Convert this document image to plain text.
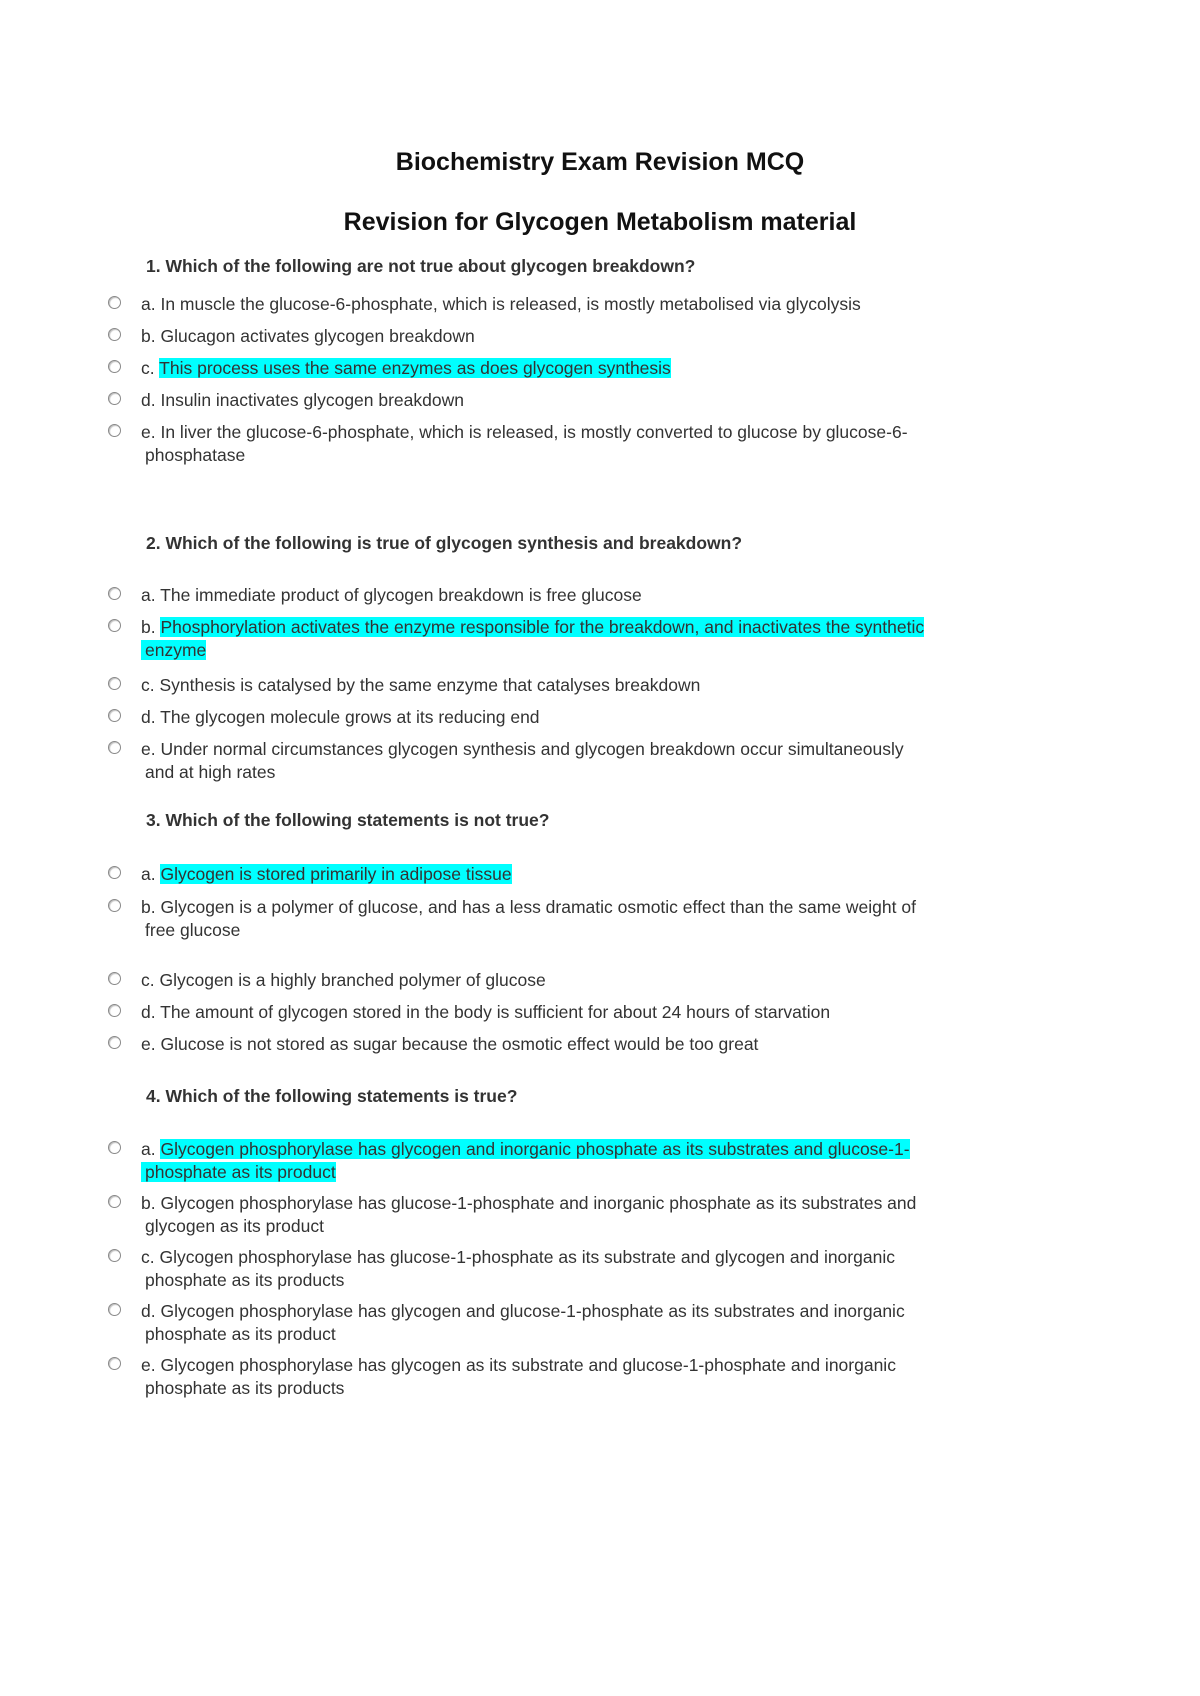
Biochemistry Exam Revision MCQ
Revision for Glycogen Metabolism material
1. Which of the following are not true about glycogen breakdown?
a. In muscle the glucose-6-phosphate, which is released, is mostly metabolised via glycolysis
b. Glucagon activates glycogen breakdown
c. This process uses the same enzymes as does glycogen synthesis
d. Insulin inactivates glycogen breakdown
e. In liver the glucose-6-phosphate, which is released, is mostly converted to glucose by glucose-6-
phosphatase
2. Which of the following is true of glycogen synthesis and breakdown?
a. The immediate product of glycogen breakdown is free glucose
b. Phosphorylation activates the enzyme responsible for the breakdown, and inactivates the synthetic
enzyme
c. Synthesis is catalysed by the same enzyme that catalyses breakdown
d. The glycogen molecule grows at its reducing end
e. Under normal circumstances glycogen synthesis and glycogen breakdown occur simultaneously
and at high rates
3. Which of the following statements is not true?
a. Glycogen is stored primarily in adipose tissue
b. Glycogen is a polymer of glucose, and has a less dramatic osmotic effect than the same weight of
free glucose
c. Glycogen is a highly branched polymer of glucose
d. The amount of glycogen stored in the body is sufficient for about 24 hours of starvation
e. Glucose is not stored as sugar because the osmotic effect would be too great
4. Which of the following statements is true?
a. Glycogen phosphorylase has glycogen and inorganic phosphate as its substrates and glucose-1-
phosphate as its product
b. Glycogen phosphorylase has glucose-1-phosphate and inorganic phosphate as its substrates and
glycogen as its product
c. Glycogen phosphorylase has glucose-1-phosphate as its substrate and glycogen and inorganic
phosphate as its products
d. Glycogen phosphorylase has glycogen and glucose-1-phosphate as its substrates and inorganic
phosphate as its product
e. Glycogen phosphorylase has glycogen as its substrate and glucose-1-phosphate and inorganic
phosphate as its products
